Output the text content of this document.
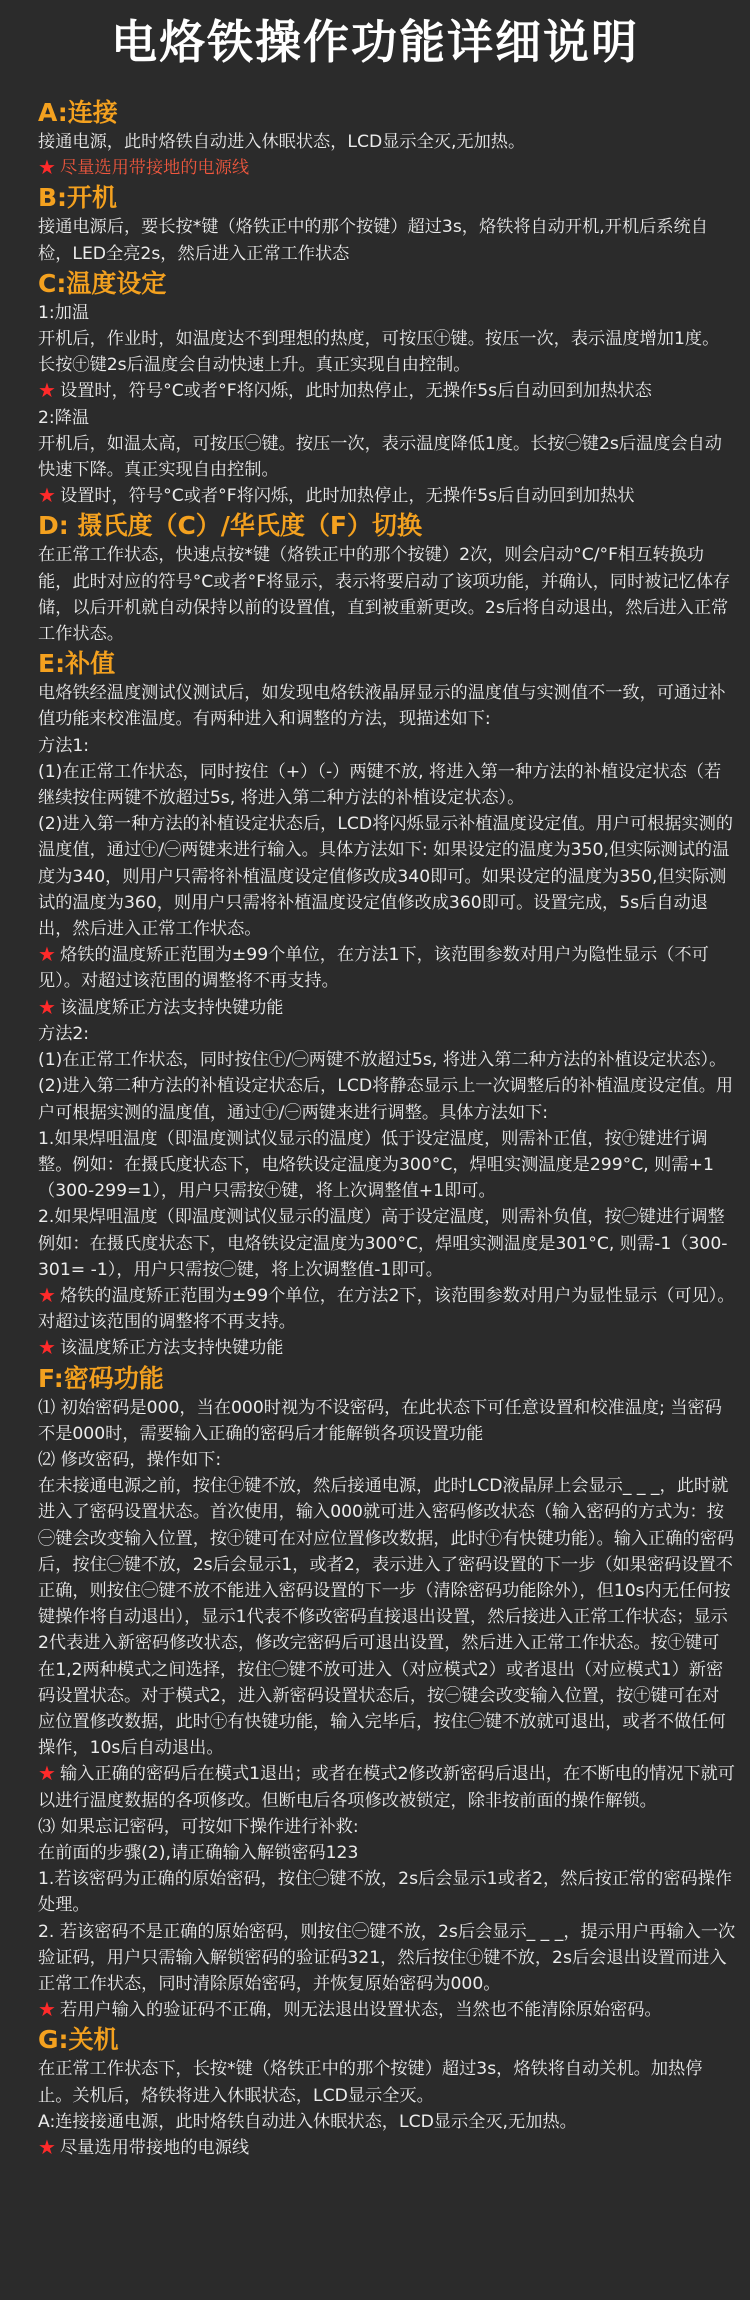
电烙铁操作功能详细说明
A:连接
接通电源，此时烙铁自动进入休眠状态，LCD显示全灭,无加热。
★ 尽量选用带接地的电源线
B:开机
接通电源后，要长按*键（烙铁正中的那个按键）超过3s，烙铁将自动开机,开机后系统自检，LED全亮2s，然后进入正常工作状态
C:温度设定
1:加温
开机后，作业时，如温度达不到理想的热度，可按压㊉键。按压一次，表示温度增加1度。长按㊉键2s后温度会自动快速上升。真正实现自由控制。
★ 设置时，符号°C或者°F将闪烁，此时加热停止，无操作5s后自动回到加热状态
2:降温
开机后，如温太高，可按压㊀键。按压一次，表示温度降低1度。长按㊀键2s后温度会自动快速下降。真正实现自由控制。
★ 设置时，符号°C或者°F将闪烁，此时加热停止，无操作5s后自动回到加热状
D: 摄氏度（C）/华氏度（F）切换
在正常工作状态，快速点按*键（烙铁正中的那个按键）2次，则会启动°C/°F相互转换功能，此时对应的符号°C或者°F将显示，表示将要启动了该项功能，并确认，同时被记忆体存储，以后开机就自动保持以前的设置值，直到被重新更改。2s后将自动退出，然后进入正常工作状态。
E:补值
电烙铁经温度测试仪测试后，如发现电烙铁液晶屏显示的温度值与实测值不一致，可通过补值功能来校准温度。有两种进入和调整的方法，现描述如下:
方法1:
(1)在正常工作状态，同时按住（+）（-）两键不放, 将进入第一种方法的补植设定状态（若继续按住两键不放超过5s, 将进入第二种方法的补植设定状态）。
(2)进入第一种方法的补植设定状态后，LCD将闪烁显示补植温度设定值。用户可根据实测的温度值，通过㊉/㊀两键来进行输入。具体方法如下: 如果设定的温度为350,但实际测试的温度为340，则用户只需将补植温度设定值修改成340即可。如果设定的温度为350,但实际测试的温度为360，则用户只需将补植温度设定值修改成360即可。设置完成，5s后自动退出，然后进入正常工作状态。
★ 烙铁的温度矫正范围为±99个单位，在方法1下，该范围参数对用户为隐性显示（不可见）。对超过该范围的调整将不再支持。
★ 该温度矫正方法支持快键功能
方法2:
(1)在正常工作状态，同时按住㊉/㊀两键不放超过5s, 将进入第二种方法的补植设定状态）。
(2)进入第二种方法的补植设定状态后，LCD将静态显示上一次调整后的补植温度设定值。用户可根据实测的温度值，通过㊉/㊀两键来进行调整。具体方法如下:
1.如果焊咀温度（即温度测试仪显示的温度）低于设定温度，则需补正值，按㊉键进行调整。例如：在摄氏度状态下，电烙铁设定温度为300°C，焊咀实测温度是299°C, 则需+1（300-299=1），用户只需按㊉键，将上次调整值+1即可。
2.如果焊咀温度（即温度测试仪显示的温度）高于设定温度，则需补负值，按㊀键进行调整例如：在摄氏度状态下，电烙铁设定温度为300°C，焊咀实测温度是301°C, 则需-1（300-301= -1），用户只需按㊀键，将上次调整值-1即可。
★ 烙铁的温度矫正范围为±99个单位，在方法2下，该范围参数对用户为显性显示（可见）。对超过该范围的调整将不再支持。
★ 该温度矫正方法支持快键功能
F:密码功能
⑴ 初始密码是000，当在000时视为不设密码，在此状态下可任意设置和校准温度; 当密码不是000时，需要输入正确的密码后才能解锁各项设置功能
⑵ 修改密码，操作如下:
在未接通电源之前，按住㊉键不放，然后接通电源，此时LCD液晶屏上会显示_ _ _，此时就进入了密码设置状态。首次使用，输入000就可进入密码修改状态（输入密码的方式为：按㊀键会改变输入位置，按㊉键可在对应位置修改数据，此时㊉有快键功能）。输入正确的密码后，按住㊀键不放，2s后会显示1，或者2，表示进入了密码设置的下一步（如果密码设置不正确，则按住㊀键不放不能进入密码设置的下一步（清除密码功能除外），但10s内无任何按键操作将自动退出），显示1代表不修改密码直接退出设置，然后接进入正常工作状态；显示2代表进入新密码修改状态，修改完密码后可退出设置，然后进入正常工作状态。按㊉键可在1,2两种模式之间选择，按住㊀键不放可进入（对应模式2）或者退出（对应模式1）新密码设置状态。对于模式2，进入新密码设置状态后，按㊀键会改变输入位置，按㊉键可在对应位置修改数据，此时㊉有快键功能，输入完毕后，按住㊀键不放就可退出，或者不做任何操作，10s后自动退出。
★ 输入正确的密码后在模式1退出；或者在模式2修改新密码后退出，在不断电的情况下就可以进行温度数据的各项修改。但断电后各项修改被锁定，除非按前面的操作解锁。
⑶ 如果忘记密码，可按如下操作进行补救:
在前面的步骤(2),请正确输入解锁密码123
1.若该密码为正确的原始密码，按住㊀键不放，2s后会显示1或者2，然后按正常的密码操作处理。
2. 若该密码不是正确的原始密码，则按住㊀键不放，2s后会显示_ _ _，提示用户再输入一次验证码，用户只需输入解锁密码的验证码321，然后按住㊉键不放，2s后会退出设置而进入正常工作状态，同时清除原始密码，并恢复原始密码为000。
★ 若用户输入的验证码不正确，则无法退出设置状态，当然也不能清除原始密码。
G:关机
在正常工作状态下，长按*键（烙铁正中的那个按键）超过3s，烙铁将自动关机。加热停止。关机后，烙铁将进入休眠状态，LCD显示全灭。
A:连接接通电源，此时烙铁自动进入休眠状态，LCD显示全灭,无加热。
★ 尽量选用带接地的电源线
